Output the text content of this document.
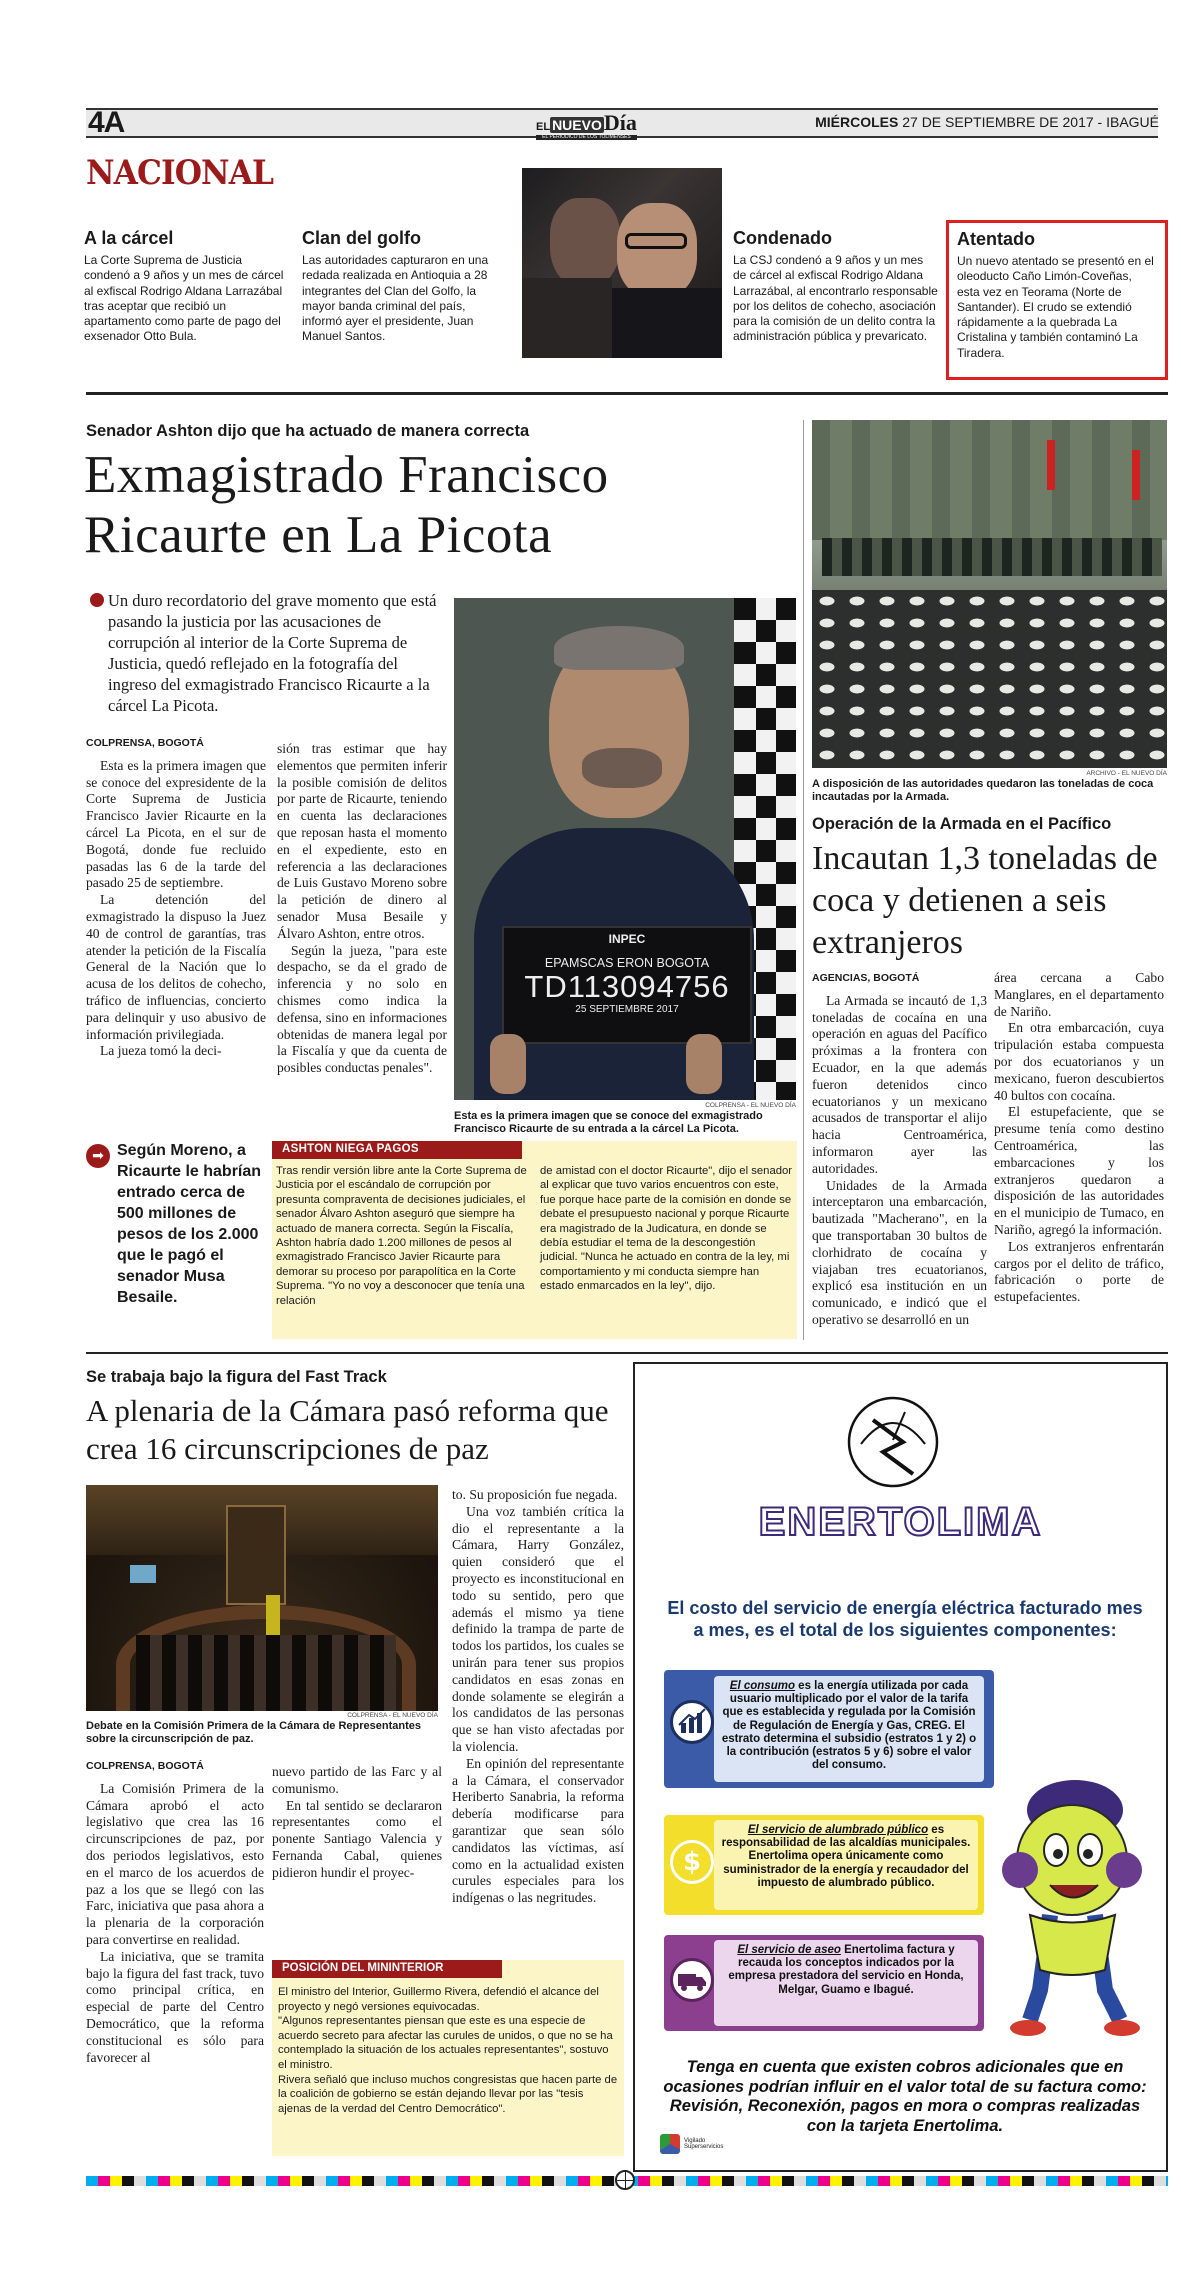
4A	EL NUEVODía
EL PERIÓDICO DE LOS TOLIMENSES
MIÉRCOLES 27 DE SEPTIEMBRE DE 2017 - IBAGUÉ
NACIONAL
A la cárcel

La Corte Suprema de Justicia condenó a 9 años y un mes de cárcel al exfiscal Rodrigo Aldana Larrazábal tras aceptar que recibió un apartamento como parte de pago del exsenador Otto Bula.

Clan del golfo

Las autoridades capturaron en una redada realizada en Antioquia a 28 integrantes del Clan del Golfo, la mayor banda criminal del país, informó ayer el presidente, Juan Manuel Santos.

Condenado

La CSJ condenó a 9 años y un mes de cárcel al exfiscal Rodrigo Aldana Larrazábal, al encontrarlo responsable por los delitos de cohecho, asociación para la comisión de un delito contra la administración pública y prevaricato.

Atentado

Un nuevo atentado se presentó en el oleoducto Caño Limón-Coveñas, esta vez en Teorama (Norte de Santander). El crudo se extendió rápidamente a la quebrada La Cristalina y también contaminó La Tiradera.

Senador Ashton dijo que ha actuado de manera correcta
Exmagistrado Francisco
Ricaurte en La Picota
Un duro recordatorio del grave momento que está pasando la justicia por las acusaciones de corrupción al interior de la Corte Suprema de Justicia, quedó reflejado en la fotografía del ingreso del exmagistrado Francisco Ricaurte a la cárcel La Picota.
COLPRENSA, BOGOTÁ

Esta es la primera imagen que se conoce del expresidente de la Corte Suprema de Justicia Francisco Javier Ricaurte en la cárcel La Picota, en el sur de Bogotá, donde fue recluido pasadas las 6 de la tarde del pasado 25 de septiembre.

La detención del exmagistrado la dispuso la Juez 40 de control de garantías, tras atender la petición de la Fiscalía General de la Nación que lo acusa de los delitos de cohecho, tráfico de influencias, concierto para delinquir y uso abusivo de información privilegiada.

La jueza tomó la deci-

sión tras estimar que hay elementos que permiten inferir la posible comisión de delitos por parte de Ricaurte, teniendo en cuenta las declaraciones que reposan hasta el momento en el expediente, esto en referencia a las declaraciones de Luis Gustavo Moreno sobre la petición de dinero al senador Musa Besaile y Álvaro Ashton, entre otros.

Según la jueza, "para este despacho, se da el grado de inferencia y no solo en chismes como indica la defensa, sino en informaciones obtenidas de manera legal por la Fiscalía y que da cuenta de posibles conductas penales".

INPEC
EPAMSCAS ERON BOGOTA
TD113094756
25 SEPTIEMBRE 2017
COLPRENSA - EL NUEVO DÍA
Esta es la primera imagen que se conoce del exmagistrado Francisco Ricaurte de su entrada a la cárcel La Picota.
➡ Según Moreno, a Ricaurte le habrían entrado cerca de 500 millones de pesos de los 2.000 que le pagó el senador Musa Besaile.
ASHTON NIEGA PAGOS
Tras rendir versión libre ante la Corte Suprema de Justicia por el escándalo de corrupción por presunta compraventa de decisiones judiciales, el senador Álvaro Ashton aseguró que siempre ha actuado de manera correcta. Según la Fiscalía, Ashton habría dado 1.200 millones de pesos al exmagistrado Francisco Javier Ricaurte para demorar su proceso por parapolítica en la Corte Suprema. "Yo no voy a desconocer que tenía una relación
de amistad con el doctor Ricaurte", dijo el senador al explicar que tuvo varios encuentros con este, fue porque hace parte de la comisión en donde se debate el presupuesto nacional y porque Ricaurte era magistrado de la Judicatura, en donde se debía estudiar el tema de la descongestión judicial. "Nunca he actuado en contra de la ley, mi comportamiento y mi conducta siempre han estado enmarcados en la ley", dijo.
ARCHIVO - EL NUEVO DÍA
A disposición de las autoridades quedaron las toneladas de coca incautadas por la Armada.
Operación de la Armada en el Pacífico
Incautan 1,3 toneladas de coca y detienen a seis extranjeros
AGENCIAS, BOGOTÁ

La Armada se incautó de 1,3 toneladas de cocaína en una operación en aguas del Pacífico próximas a la frontera con Ecuador, en la que además fueron detenidos cinco ecuatorianos y un mexicano acusados de transportar el alijo hacia Centroamérica, informaron ayer las autoridades.

Unidades de la Armada interceptaron una embarcación, bautizada "Macherano", en la que transportaban 30 bultos de clorhidrato de cocaína y viajaban tres ecuatorianos, explicó esa institución en un comunicado, e indicó que el operativo se desarrolló en un

área cercana a Cabo Manglares, en el departamento de Nariño.

En otra embarcación, cuya tripulación estaba compuesta por dos ecuatorianos y un mexicano, fueron descubiertos 40 bultos con cocaína.

El estupefaciente, que se presume tenía como destino Centroamérica, las embarcaciones y los extranjeros quedaron a disposición de las autoridades en el municipio de Tumaco, en Nariño, agregó la información.

Los extranjeros enfrentarán cargos por el delito de tráfico, fabricación o porte de estupefacientes.

Se trabaja bajo la figura del Fast Track
A plenaria de la Cámara pasó reforma que crea 16 circunscripciones de paz
COLPRENSA - EL NUEVO DÍA
Debate en la Comisión Primera de la Cámara de Representantes sobre la circunscripción de paz.
COLPRENSA, BOGOTÁ

La Comisión Primera de la Cámara aprobó el acto legislativo que crea las 16 circunscripciones de paz, por dos periodos legislativos, esto en el marco de los acuerdos de paz a los que se llegó con las Farc, iniciativa que pasa ahora a la plenaria de la corporación para convertirse en realidad.

La iniciativa, que se tramita bajo la figura del fast track, tuvo como principal crítica, en especial de parte del Centro Democrático, que la reforma constitucional es sólo para favorecer al

nuevo partido de las Farc y al comunismo.

En tal sentido se declararon representantes como el ponente Santiago Valencia y Fernanda Cabal, quienes pidieron hundir el proyec-

to. Su proposición fue negada.

Una voz también crítica la dio el representante a la Cámara, Harry González, quien consideró que el proyecto es inconstitucional en todo su sentido, pero que además el mismo ya tiene definido la trampa de parte de todos los partidos, los cuales se unirán para tener sus propios candidatos en esas zonas en donde solamente se elegirán a los candidatos de las personas que se han visto afectadas por la violencia.

En opinión del representante a la Cámara, el conservador Heriberto Sanabria, la reforma debería modificarse para garantizar que sean sólo candidatos las víctimas, así como en la actualidad existen curules especiales para los indígenas o las negritudes.

POSICIÓN DEL MININTERIOR

El ministro del Interior, Guillermo Rivera, defendió el alcance del proyecto y negó versiones equivocadas.

"Algunos representantes piensan que este es una especie de acuerdo secreto para afectar las curules de unidos, o que no se ha contemplado la situación de los actuales representantes", sostuvo el ministro.

Rivera señaló que incluso muchos congresistas que hacen parte de la coalición de gobierno se están dejando llevar por las "tesis ajenas de la verdad del Centro Democrático".

ENERTOLIMA
El costo del servicio de energía eléctrica facturado mes a mes, es el total de los siguientes componentes:
El consumo es la energía utilizada por cada usuario multiplicado por el valor de la tarifa que es establecida y regulada por la Comisión de Regulación de Energía y Gas, CREG. El estrato determina el subsidio (estratos 1 y 2) o la contribución (estratos 5 y 6) sobre el valor del consumo.
El servicio de alumbrado público es responsabilidad de las alcaldías municipales. Enertolima opera únicamente como suministrador de la energía y recaudador del impuesto de alumbrado público.
$
El servicio de aseo Enertolima factura y recauda los conceptos indicados por la empresa prestadora del servicio en Honda, Melgar, Guamo e Ibagué.
Tenga en cuenta que existen cobros adicionales que en ocasiones podrían influir en el valor total de su factura como: Revisión, Reconexión, pagos en mora o compras realizadas con la tarjeta Enertolima.
Vigilado Superservicios
